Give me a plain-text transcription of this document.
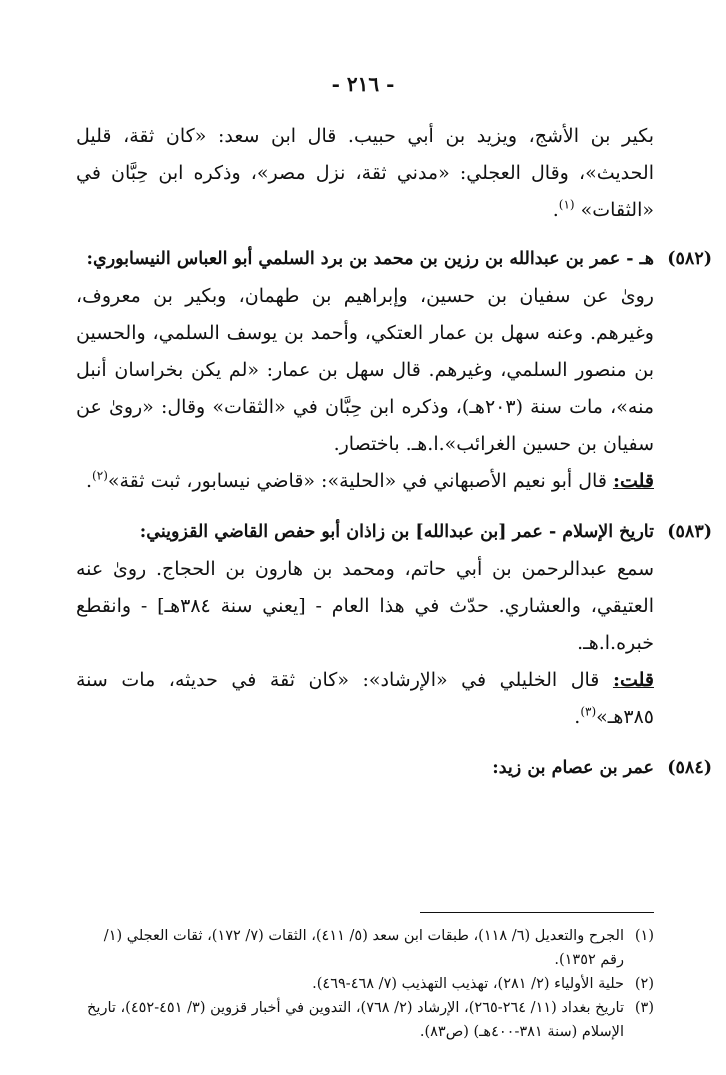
- ٢١٦ -

بكير بن الأشج، ويزيد بن أبي حبيب. قال ابن سعد: «كان ثقة، قليل الحديث»، وقال العجلي: «مدني ثقة، نزل مصر»، وذكره ابن حِبَّان في «الثقات» $^{(١)}$.

(٥٨٢)
هـ - عمر بن عبدالله بن رزين بن محمد بن برد السلمي أبو العباس النيسابوري:

روىٰ عن سفيان بن حسين، وإبراهيم بن طهمان، وبكير بن معروف، وغيرهم. وعنه سهل بن عمار العتكي، وأحمد بن يوسف السلمي، والحسين بن منصور السلمي، وغيرهم. قال سهل بن عمار: «لم يكن بخراسان أنبل منه»، مات سنة (٢٠٣هـ)، وذكره ابن حِبَّان في «الثقات» وقال: «روىٰ عن سفيان بن حسين الغرائب».ا.هـ. باختصار.

قلت: قال أبو نعيم الأصبهاني في «الحلية»: «قاضي نيسابور، ثبت ثقة»$^{(٢)}$.

(٥٨٣)
تاريخ الإسلام - عمر [بن عبدالله] بن زاذان أبو حفص القاضي القزويني:

سمع عبدالرحمن بن أبي حاتم، ومحمد بن هارون بن الحجاج. روىٰ عنه العتيقي، والعشاري. حدّث في هذا العام - [يعني سنة ٣٨٤هـ] - وانقطع خبره.ا.هـ.

قلت: قال الخليلي في «الإرشاد»: «كان ثقة في حديثه، مات سنة ٣٨٥هـ»$^{(٣)}$.

(٥٨٤)
عمر بن عصام بن زيد:
(١)
الجرح والتعديل (٦/ ١١٨)، طبقات ابن سعد (٥/ ٤١١)، الثقات (٧/ ١٧٢)، ثقات العجلي (١/ رقم ١٣٥٢).
(٢)
حلية الأولياء (٢/ ٢٨١)، تهذيب التهذيب (٧/ ٤٦٨-٤٦٩).
(٣)
تاريخ بغداد (١١/ ٢٦٤-٢٦٥)، الإرشاد (٢/ ٧٦٨)، التدوين في أخبار قزوين (٣/ ٤٥١-٤٥٢)، تاريخ الإسلام (سنة ٣٨١-٤٠٠هـ) (ص٨٣).
